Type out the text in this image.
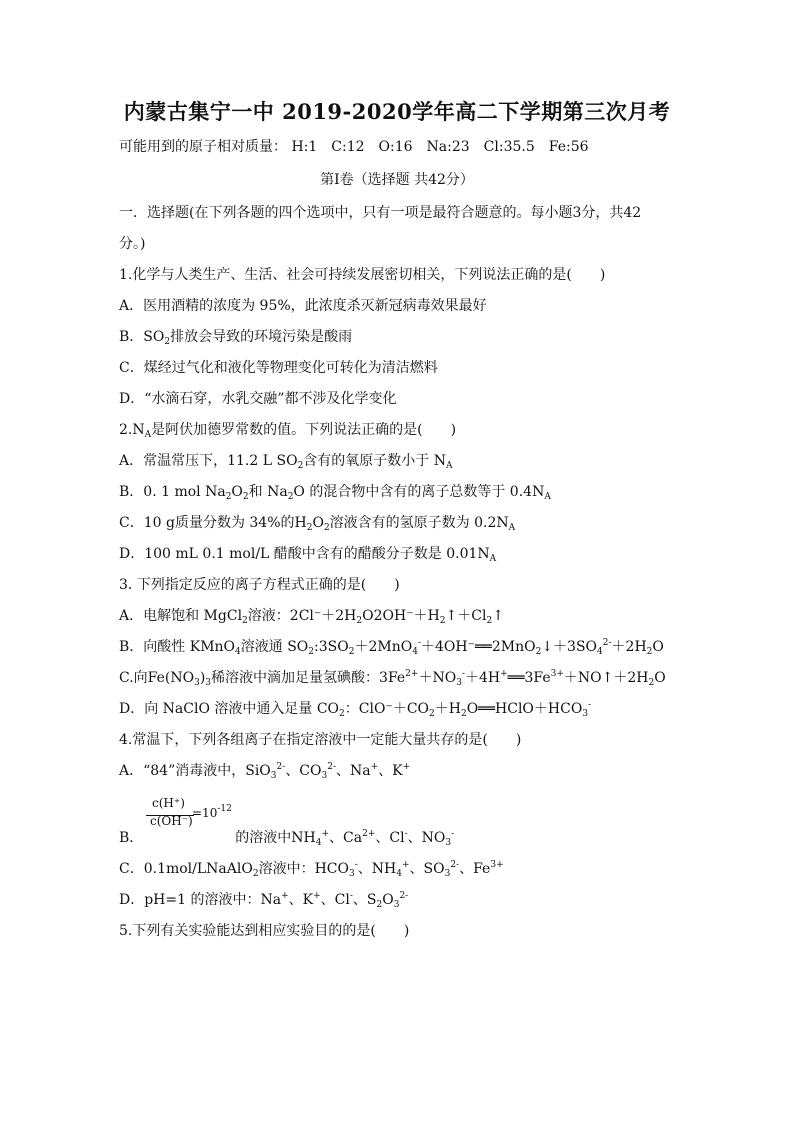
内蒙古集宁一中 2019-2020学年高二下学期第三次月考
可能用到的原子相对质量： H:1　C:12　O:16　Na:23　Cl:35.5　Fe:56
第Ⅰ卷（选择题 共42分）
一．选择题(在下列各题的四个选项中，只有一项是最符合题意的。每小题3分，共42
分。)
1.化学与人类生产、生活、社会可持续发展密切相关，下列说法正确的是(　　)
A．医用酒精的浓度为 95%，此浓度杀灭新冠病毒效果最好
B．$SO_2$排放会导致的环境污染是酸雨
C．煤经过气化和液化等物理变化可转化为清洁燃料
D．“水滴石穿，水乳交融”都不涉及化学变化
$2.N_A$是阿伏加德罗常数的值。下列说法正确的是(　　)
A．常温常压下，11.2 L $SO_2$含有的氧原子数小于 $N_A$
B．0. 1 mol $Na_2O_2$和 $Na_2O$ 的混合物中含有的离子总数等于 $0.4N_A$
C．10 g质量分数为 34%的$H_2O_2$溶液含有的氢原子数为 $0.2N_A$
D．100 mL 0.1 mol/L 醋酸中含有的醋酸分子数是 $0.01N_A$
3. 下列指定反应的离子方程式正确的是(　　)
A．电解饱和 MgCl$_2$溶液：$2Cl^-+2H_2O2OH^-+H_2↑+Cl_2↑$
B．向酸性 KMnO$_4$溶液通 $SO_2:3SO_2+2MnO_4^-+4OH^-══2MnO_2↓+3SO_4^{2-}+2H_2O$
C.向$Fe(NO_3)_3$稀溶液中滴加足量氢碘酸：$3Fe^{2+}+NO_3^-+4H^+══3Fe^{3+}+NO↑+2H_2O$
D．向 NaClO 溶液中通入足量 $CO_2$：$ClO^-+CO_2+H_2O══HClO+HCO_3^-$
4.常温下，下列各组离子在指定溶液中一定能大量共存的是(　　)
A．“84”消毒液中，SiO$_3^{2-}$、$CO_3^{2-}$、Na+、K+
c(H⁺)
c(OH⁻)
$=10^{-12}$
B．	的溶液中$NH_4^+$、$Ca^{2+}$、Cl-、$NO_3^-$
C．0.1mol/LNaAlO$_2$溶液中：$HCO_3^-$、$NH_4^+$、$SO_3^{2-}$、$Fe^{3+}$
D．pH=1 的溶液中：Na+、K+、Cl-、$S_2O_3^{2-}$
5.下列有关实验能达到相应实验目的的是(　　)
